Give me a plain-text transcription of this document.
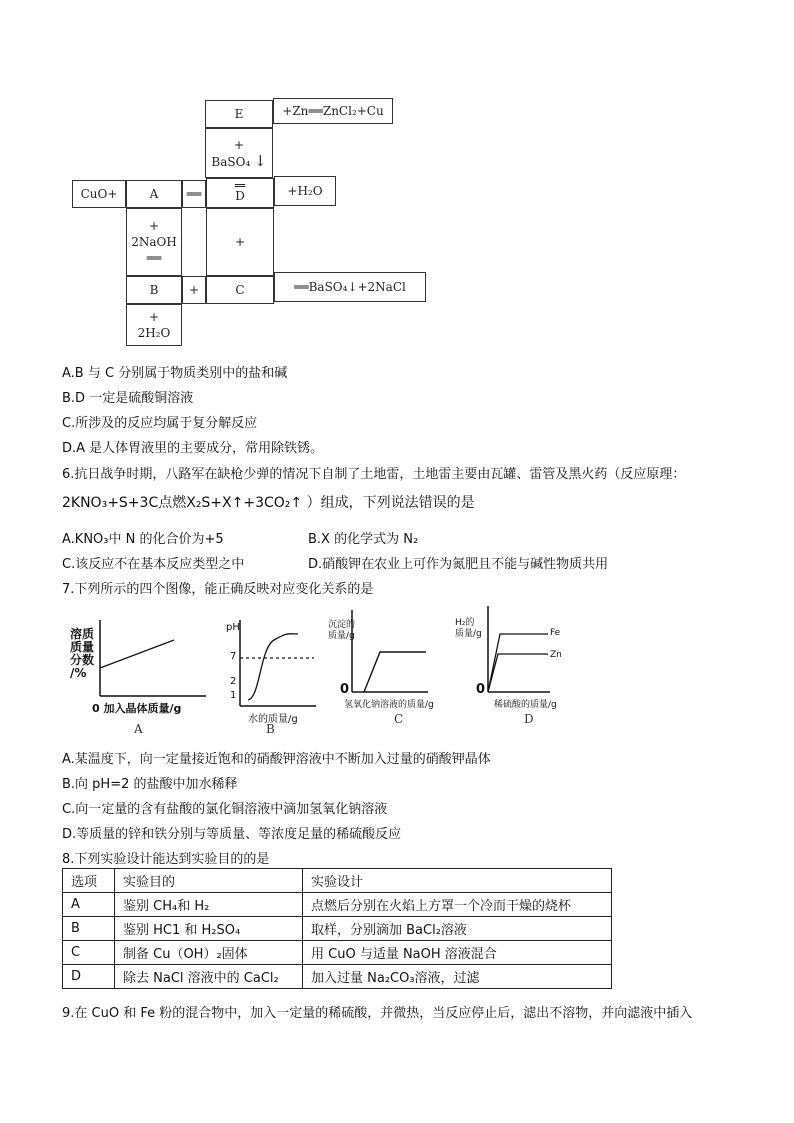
E	+Zn══ZnCl₂+Cu
+
BaSO₄ ↓
CuO+	A ══	D	+H₂O
+
2NaOH
══
+
B	+	C	══BaSO₄↓+2NaCl
+
2H₂O
A.B 与 C 分别属于物质类别中的盐和碱
B.D 一定是硫酸铜溶液
C.所涉及的反应均属于复分解反应
D.A 是人体胃液里的主要成分，常用除铁锈。
6.抗日战争时期，八路军在缺枪少弹的情况下自制了土地雷，土地雷主要由瓦罐、雷管及黑火药（反应原理：
2KNO₃+S+3C点燃X₂S+X↑+3CO₂↑ ）组成，下列说法错误的是
A.KNO₃中 N 的化合价为+5	B.X 的化学式为 N₂
C.该反应不在基本反应类型之中	D.硝酸钾在农业上可作为氮肥且不能与碱性物质共用
7.下列所示的四个图像，能正确反映对应变化关系的是
溶质
质量
分数
/%
0 加入晶体质量/g
A
pH
7
2
1
水的质量/g
B
沉淀的
质量/g
0
氢氧化钠溶液的质量/g
C
H₂的
质量/g
0
Fe
Zn
稀硫酸的质量/g
D
A.某温度下，向一定量接近饱和的硝酸钾溶液中不断加入过量的硝酸钾晶体
B.向 pH=2 的盐酸中加水稀释
C.向一定量的含有盐酸的氯化铜溶液中滴加氢氧化钠溶液
D.等质量的锌和铁分别与等质量、等浓度足量的稀硫酸反应
8.下列实验设计能达到实验目的的是
选项	实验目的	实验设计
A	鉴别 CH₄和 H₂	点燃后分别在火焰上方罩一个冷而干燥的烧杯
B	鉴别 HC1 和 H₂SO₄	取样，分别滴加 BaCl₂溶液
C	制备 Cu（OH）₂固体	用 CuO 与适量 NaOH 溶液混合
D	除去 NaCl 溶液中的 CaCl₂	加入过量 Na₂CO₃溶液，过滤
9.在 CuO 和 Fe 粉的混合物中，加入一定量的稀硫酸，并微热，当反应停止后，滤出不溶物，并向滤液中插入
